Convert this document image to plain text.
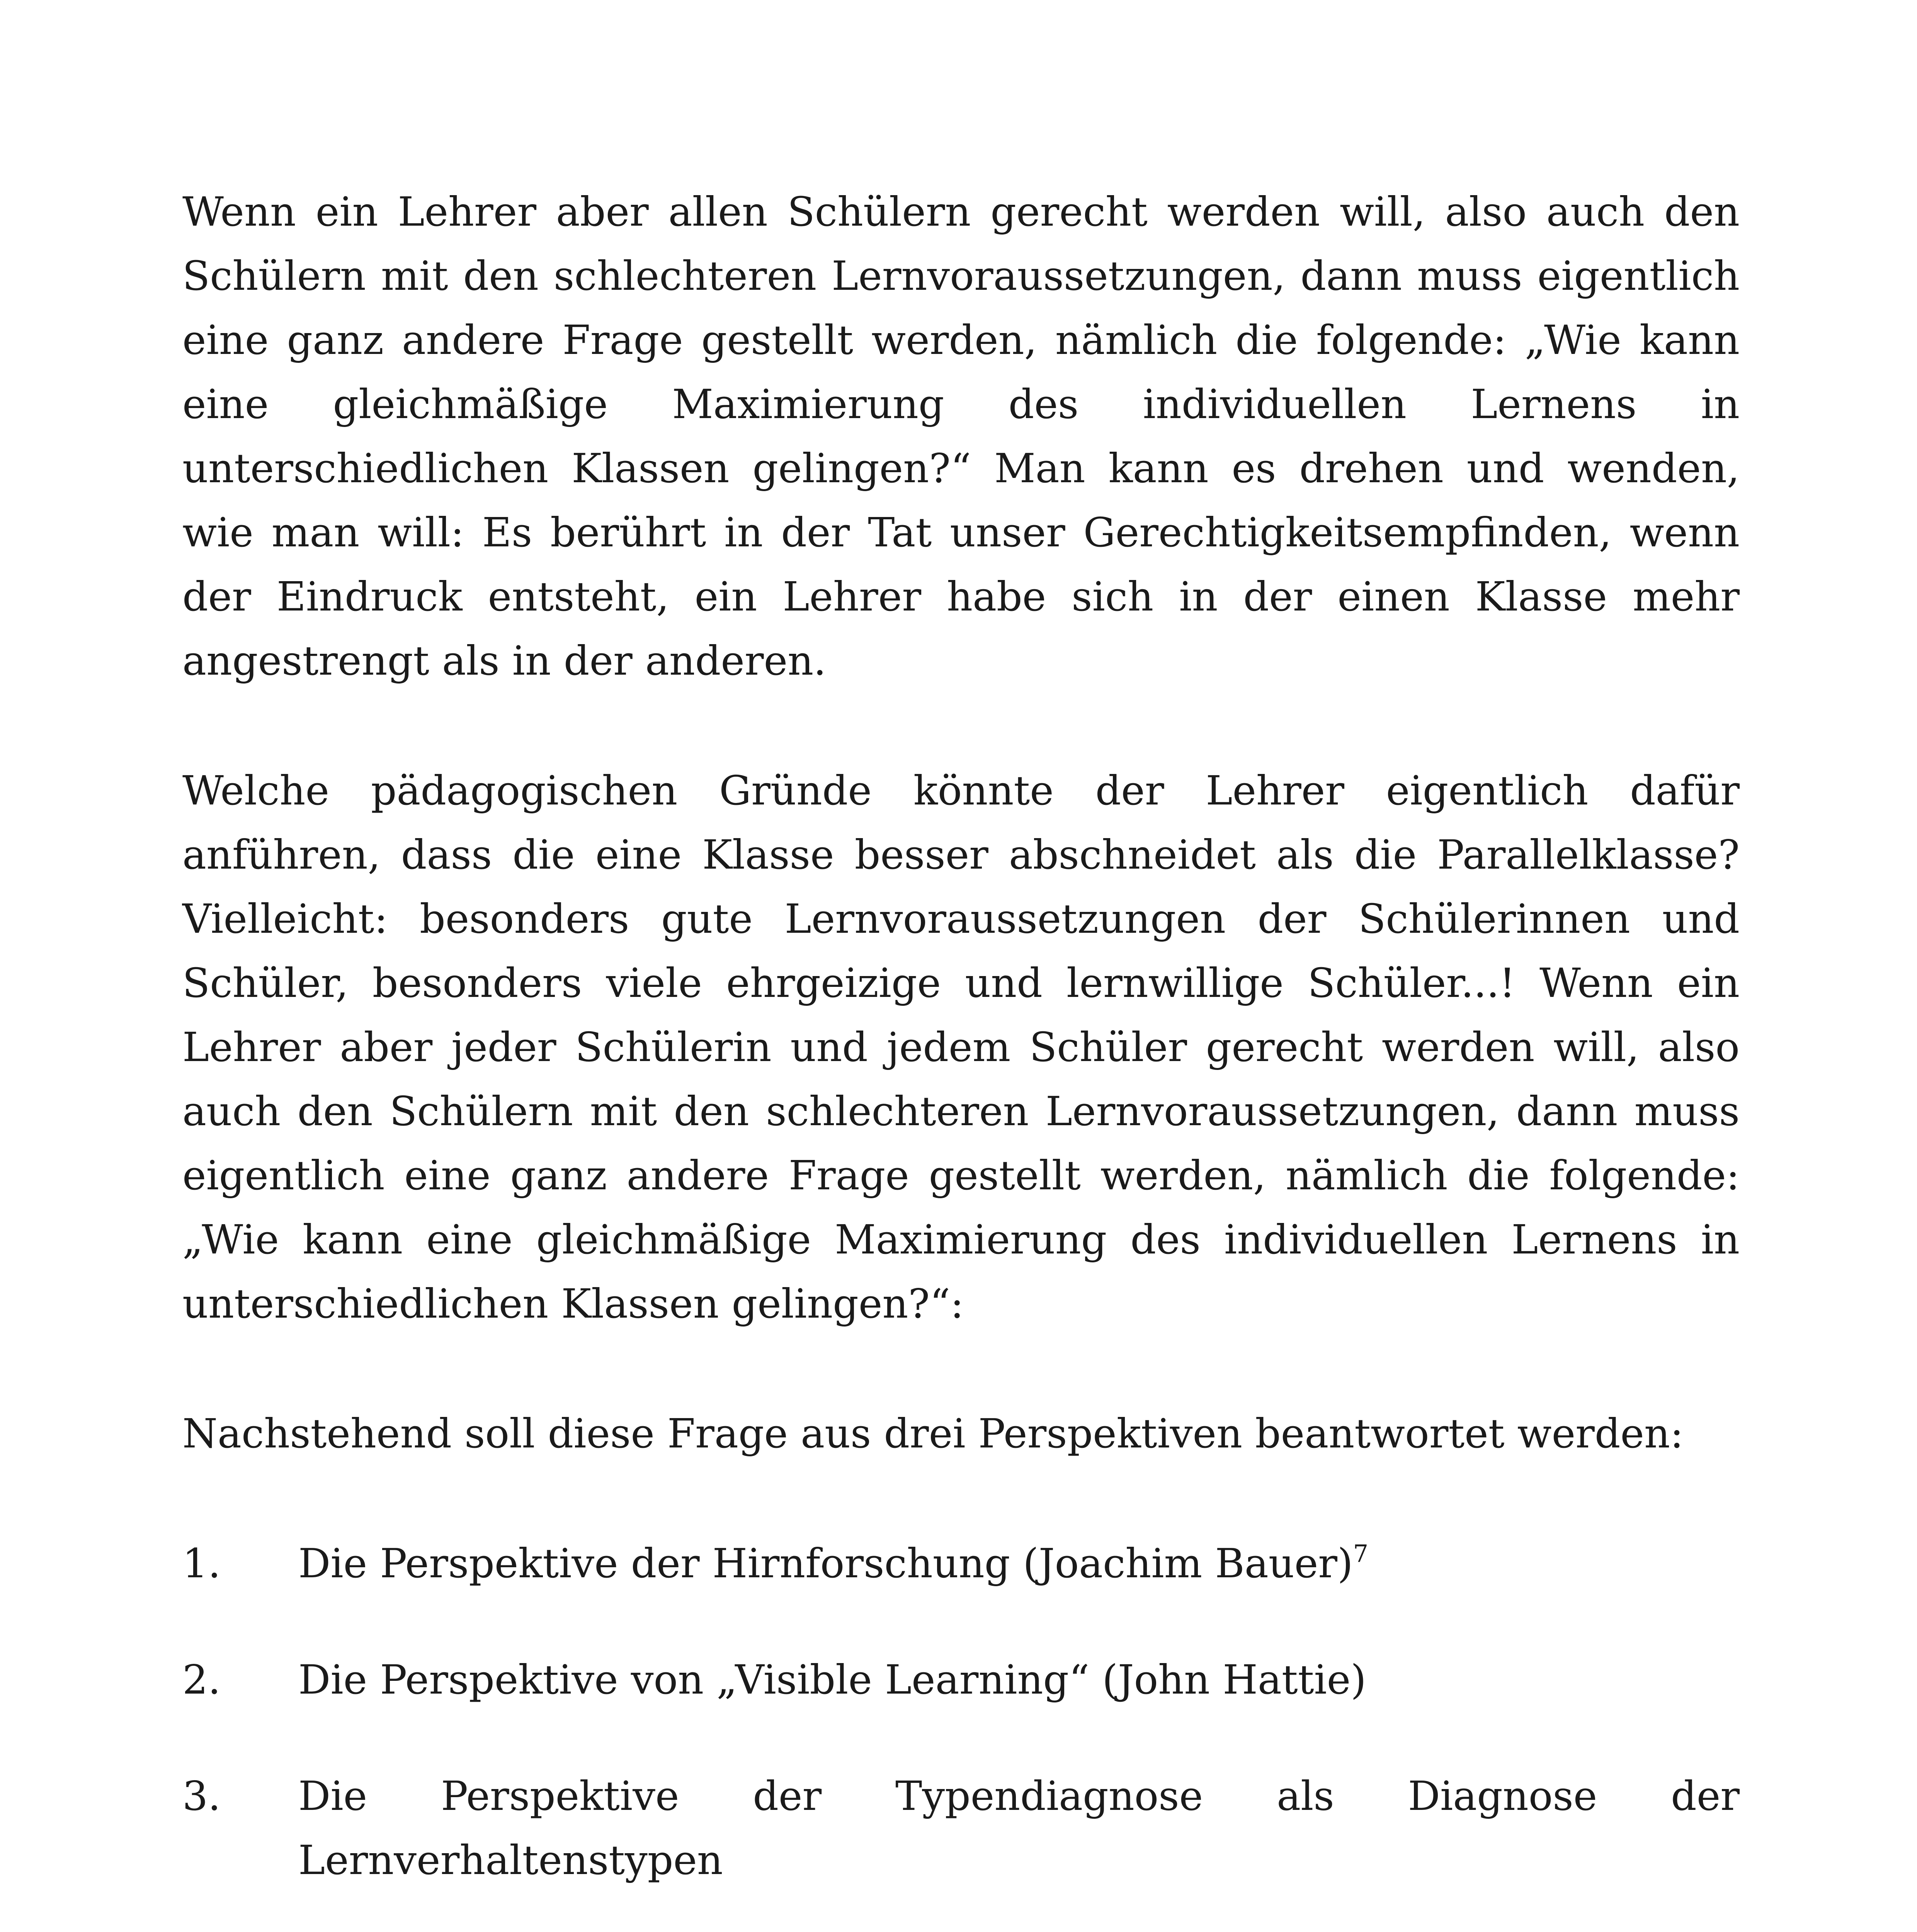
Wenn ein Lehrer aber allen Schülern gerecht werden will, also auch den Schülern mit den schlechteren Lernvoraussetzungen, dann muss eigentlich eine ganz andere Frage gestellt werden, nämlich die folgende: „Wie kann eine gleichmäßige Maximierung des individuellen Lernens in unterschiedlichen Klassen gelingen?“ Man kann es drehen und wenden, wie man will: Es berührt in der Tat unser Gerechtigkeitsempfinden, wenn der Eindruck entsteht, ein Lehrer habe sich in der einen Klasse mehr angestrengt als in der anderen.

Welche pädagogischen Gründe könnte der Lehrer eigentlich dafür anführen, dass die eine Klasse besser abschneidet als die Parallelklasse? Vielleicht: besonders gute Lernvoraussetzungen der Schülerinnen und Schüler, besonders viele ehrgeizige und lernwillige Schüler...! Wenn ein Lehrer aber jeder Schülerin und jedem Schüler gerecht werden will, also auch den Schülern mit den schlechteren Lernvoraussetzungen, dann muss eigentlich eine ganz andere Frage gestellt werden, nämlich die folgende: „Wie kann eine gleichmäßige Maximierung des individuellen Lernens in unterschiedlichen Klassen gelingen?“:

Nachstehend soll diese Frage aus drei Perspektiven beantwortet werden:

1.	Die Perspektive der Hirnforschung (Joachim Bauer)$^7$
2.	Die Perspektive von „Visible Learning“ (John Hattie)
3.	Die Perspektive der Typendiagnose als Diagnose der Lernverhaltenstypen
